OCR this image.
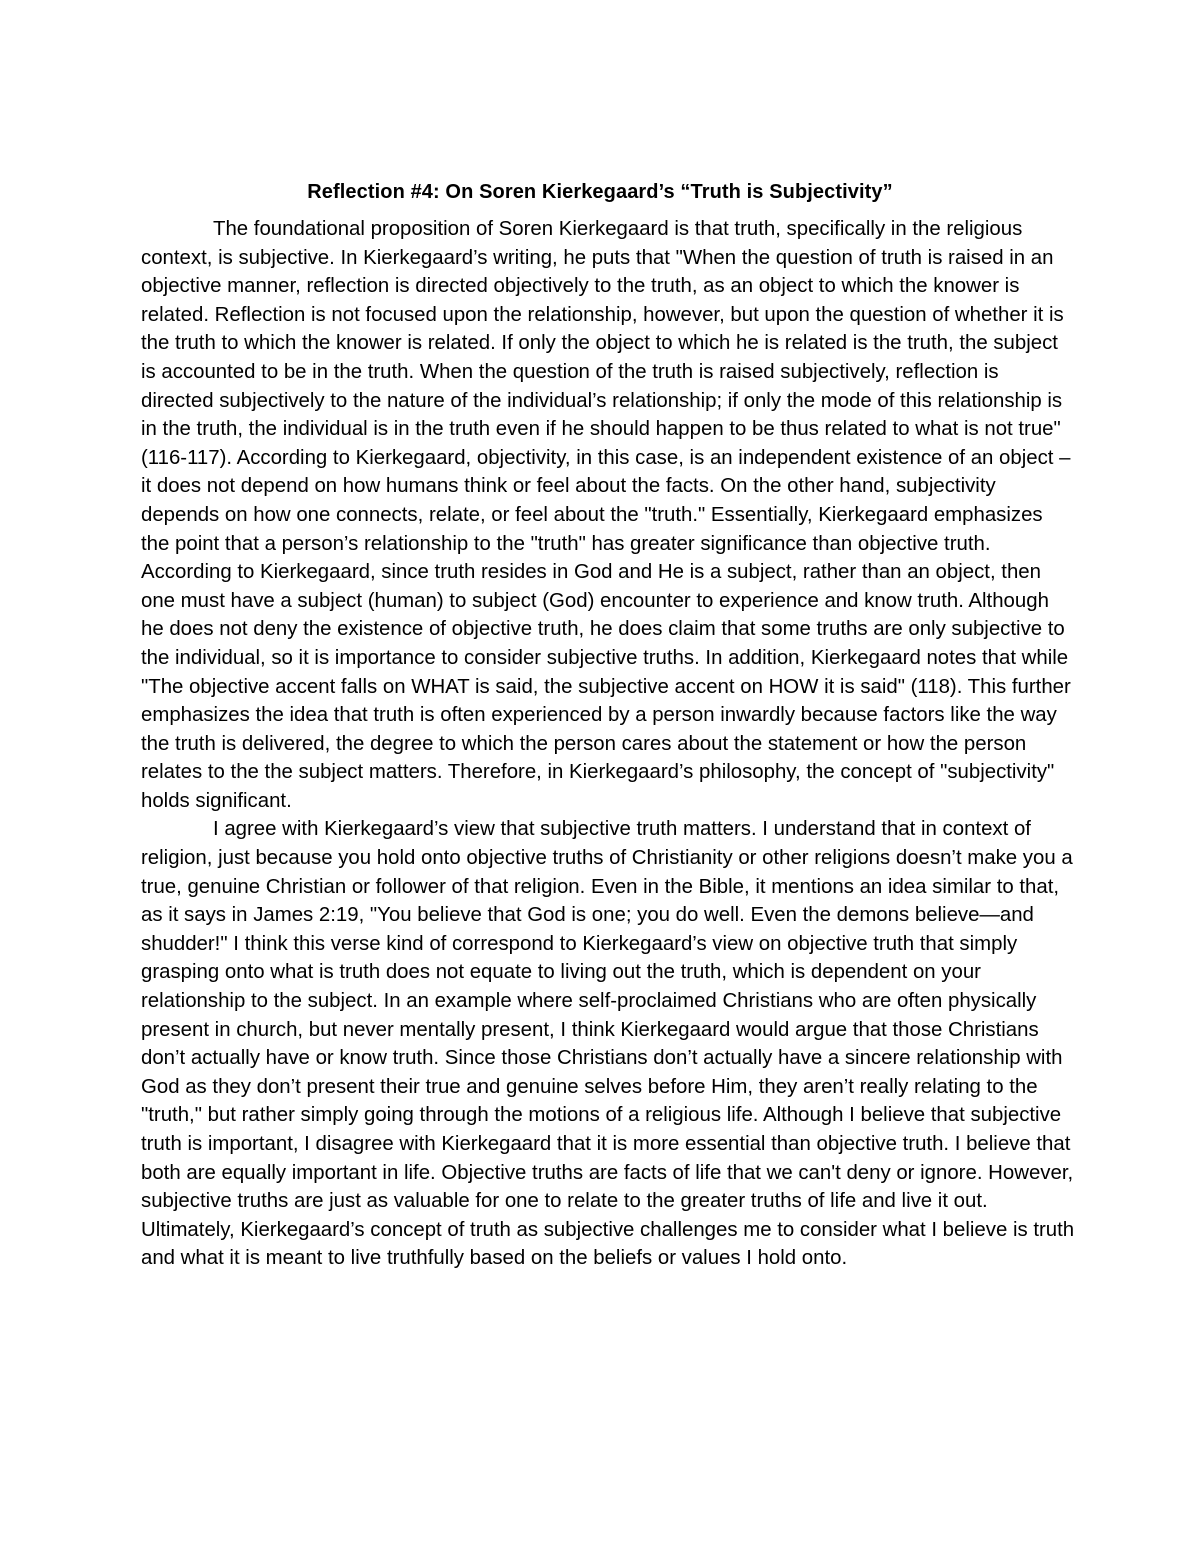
Reflection #4: On Soren Kierkegaard’s “Truth is Subjectivity”

The foundational proposition of Soren Kierkegaard is that truth, specifically in the religious context, is subjective. In Kierkegaard’s writing, he puts that "When the question of truth is raised in an objective manner, reflection is directed objectively to the truth, as an object to which the knower is related. Reflection is not focused upon the relationship, however, but upon the question of whether it is the truth to which the knower is related. If only the object to which he is related is the truth, the subject is accounted to be in the truth. When the question of the truth is raised subjectively, reflection is directed subjectively to the nature of the individual’s relationship; if only the mode of this relationship is in the truth, the individual is in the truth even if he should happen to be thus related to what is not true" (116-117). According to Kierkegaard, objectivity, in this case, is an independent existence of an object – it does not depend on how humans think or feel about the facts. On the other hand, subjectivity depends on how one connects, relate, or feel about the "truth." Essentially, Kierkegaard emphasizes the point that a person’s relationship to the "truth" has greater significance than objective truth. According to Kierkegaard, since truth resides in God and He is a subject, rather than an object, then one must have a subject (human) to subject (God) encounter to experience and know truth. Although he does not deny the existence of objective truth, he does claim that some truths are only subjective to the individual, so it is importance to consider subjective truths. In addition, Kierkegaard notes that while "The objective accent falls on WHAT is said, the subjective accent on HOW it is said" (118). This further emphasizes the idea that truth is often experienced by a person inwardly because factors like the way the truth is delivered, the degree to which the person cares about the statement or how the person relates to the the subject matters. Therefore, in Kierkegaard’s philosophy, the concept of "subjectivity" holds significant.

I agree with Kierkegaard’s view that subjective truth matters. I understand that in context of religion, just because you hold onto objective truths of Christianity or other religions doesn’t make you a true, genuine Christian or follower of that religion. Even in the Bible, it mentions an idea similar to that, as it says in James 2:19, "You believe that God is one; you do well. Even the demons believe—and shudder!" I think this verse kind of correspond to Kierkegaard’s view on objective truth that simply grasping onto what is truth does not equate to living out the truth, which is dependent on your relationship to the subject. In an example where self-proclaimed Christians who are often physically present in church, but never mentally present, I think Kierkegaard would argue that those Christians don’t actually have or know truth. Since those Christians don’t actually have a sincere relationship with God as they don’t present their true and genuine selves before Him, they aren’t really relating to the "truth," but rather simply going through the motions of a religious life. Although I believe that subjective truth is important, I disagree with Kierkegaard that it is more essential than objective truth. I believe that both are equally important in life. Objective truths are facts of life that we can't deny or ignore. However, subjective truths are just as valuable for one to relate to the greater truths of life and live it out. Ultimately, Kierkegaard’s concept of truth as subjective challenges me to consider what I believe is truth and what it is meant to live truthfully based on the beliefs or values I hold onto.
